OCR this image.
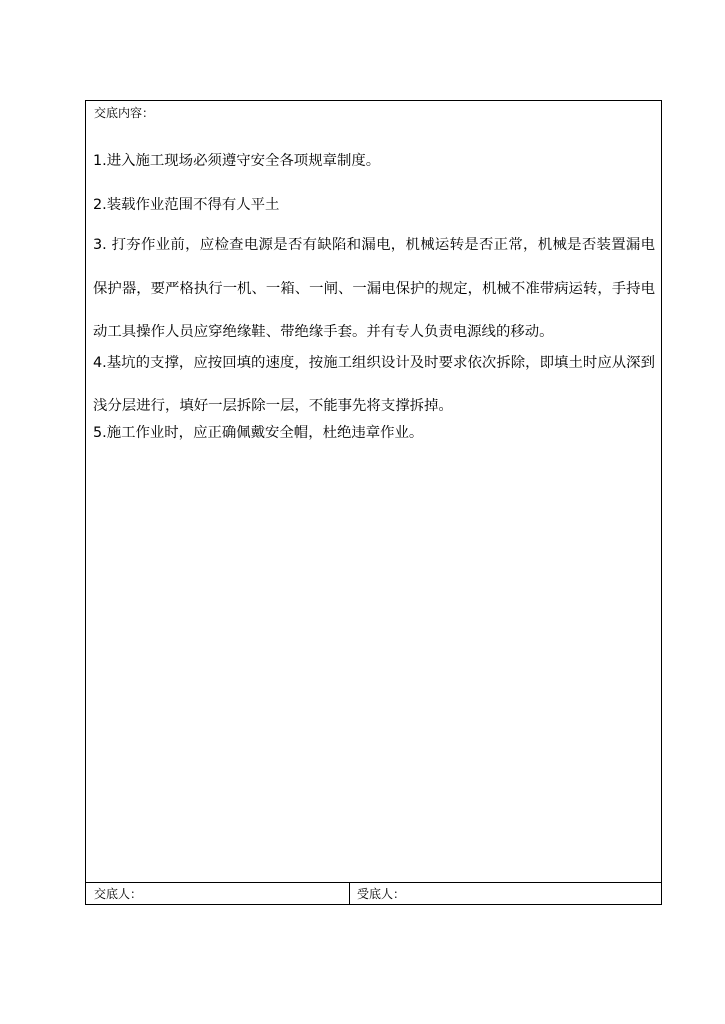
交底内容：

1.进入施工现场必须遵守安全各项规章制度。

2.装载作业范围不得有人平土

3. 打夯作业前，应检查电源是否有缺陷和漏电，机械运转是否正常，机械是否装置漏电保护器，要严格执行一机、一箱、一闸、一漏电保护的规定，机械不准带病运转，手持电动工具操作人员应穿绝缘鞋、带绝缘手套。并有专人负责电源线的移动。

4.基坑的支撑，应按回填的速度，按施工组织设计及时要求依次拆除，即填土时应从深到浅分层进行，填好一层拆除一层，不能事先将支撑拆掉。

5.施工作业时，应正确佩戴安全帽，杜绝违章作业。

交底人：	受底人：
